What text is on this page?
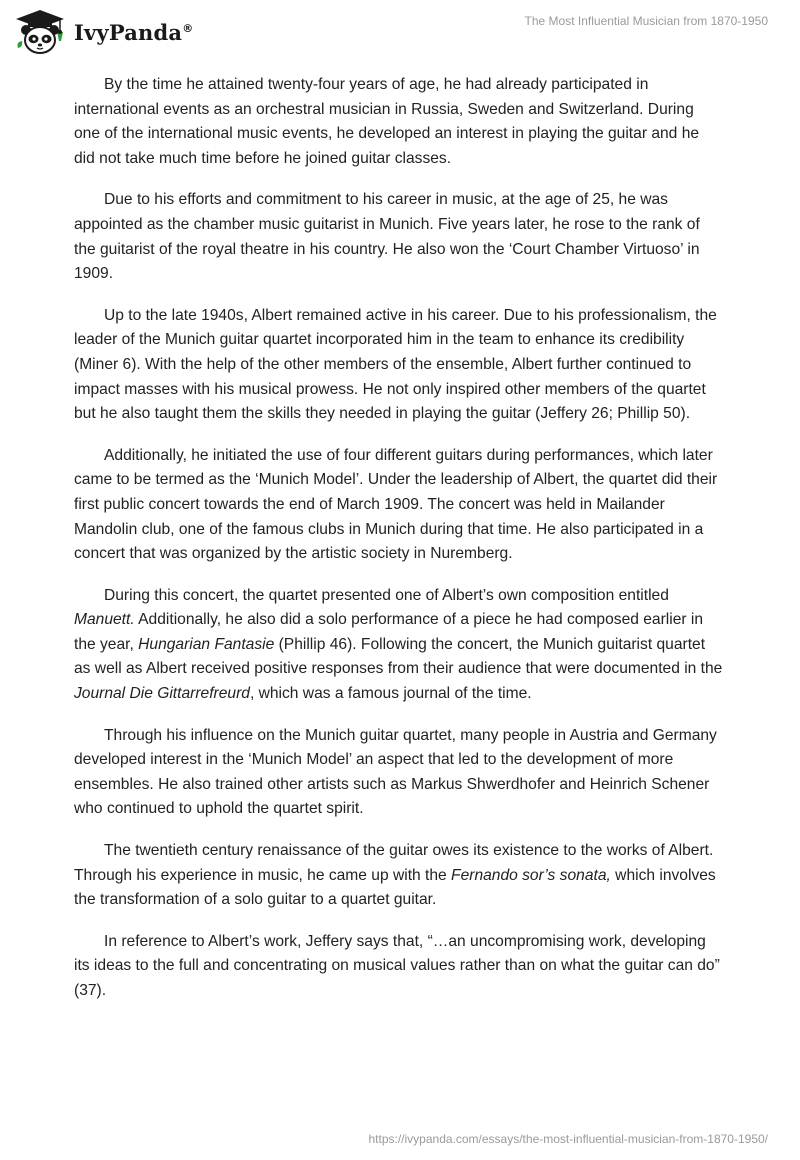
IvyPanda®	The Most Influential Musician from 1870-1950

By the time he attained twenty-four years of age, he had already participated in international events as an orchestral musician in Russia, Sweden and Switzerland. During one of the international music events, he developed an interest in playing the guitar and he did not take much time before he joined guitar classes.

Due to his efforts and commitment to his career in music, at the age of 25, he was appointed as the chamber music guitarist in Munich. Five years later, he rose to the rank of the guitarist of the royal theatre in his country. He also won the ‘Court Chamber Virtuoso’ in 1909.

Up to the late 1940s, Albert remained active in his career. Due to his professionalism, the leader of the Munich guitar quartet incorporated him in the team to enhance its credibility (Miner 6). With the help of the other members of the ensemble, Albert further continued to impact masses with his musical prowess. He not only inspired other members of the quartet but he also taught them the skills they needed in playing the guitar (Jeffery 26; Phillip 50).

Additionally, he initiated the use of four different guitars during performances, which later came to be termed as the ‘Munich Model’. Under the leadership of Albert, the quartet did their first public concert towards the end of March 1909. The concert was held in Mailander Mandolin club, one of the famous clubs in Munich during that time. He also participated in a concert that was organized by the artistic society in Nuremberg.

During this concert, the quartet presented one of Albert’s own composition entitled Manuett. Additionally, he also did a solo performance of a piece he had composed earlier in the year, Hungarian Fantasie (Phillip 46). Following the concert, the Munich guitarist quartet as well as Albert received positive responses from their audience that were documented in the Journal Die Gittarrefreurd, which was a famous journal of the time.

Through his influence on the Munich guitar quartet, many people in Austria and Germany developed interest in the ‘Munich Model’ an aspect that led to the development of more ensembles. He also trained other artists such as Markus Shwerdhofer and Heinrich Schener who continued to uphold the quartet spirit.

The twentieth century renaissance of the guitar owes its existence to the works of Albert. Through his experience in music, he came up with the Fernando sor’s sonata, which involves the transformation of a solo guitar to a quartet guitar.

In reference to Albert’s work, Jeffery says that, “…an uncompromising work, developing its ideas to the full and concentrating on musical values rather than on what the guitar can do” (37).

https://ivypanda.com/essays/the-most-influential-musician-from-1870-1950/
